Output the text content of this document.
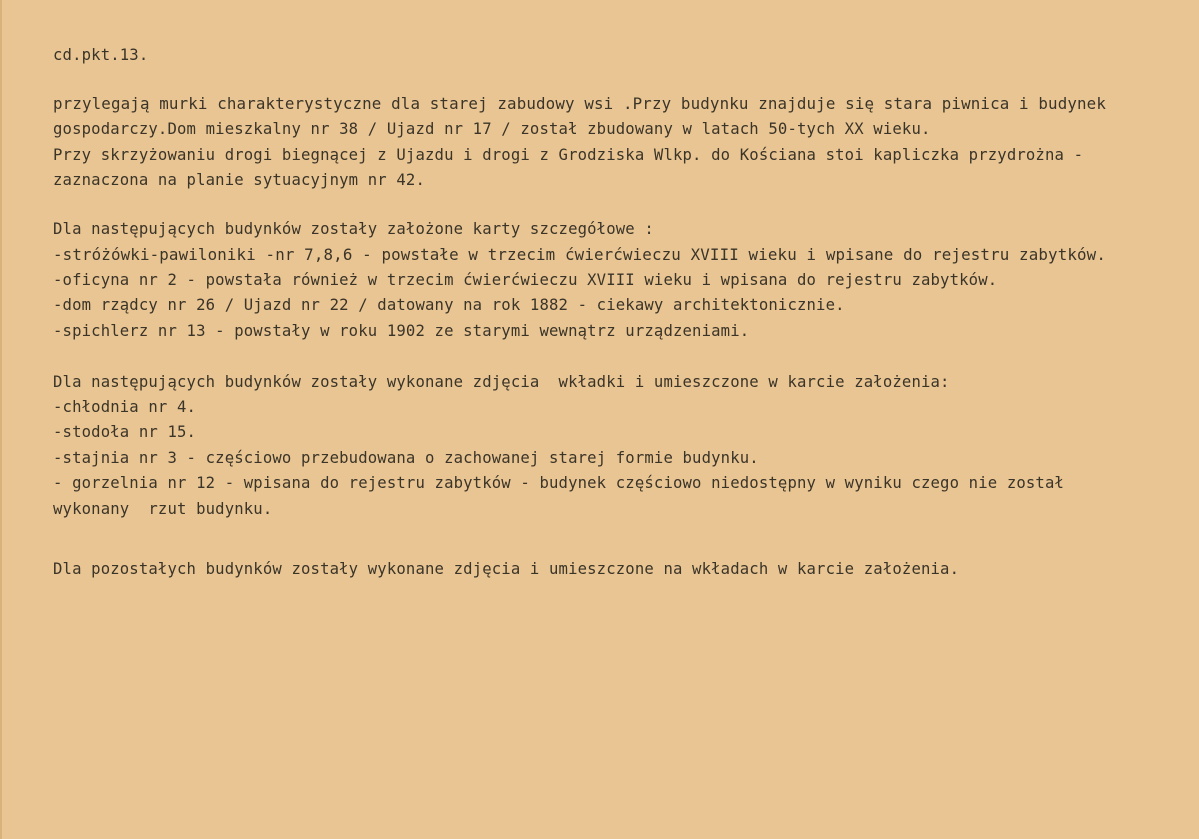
cd.pkt.13.
przylegają murki charakterystyczne dla starej zabudowy wsi .Przy budynku znajduje się stara piwnica i budynek
gospodarczy.Dom mieszkalny nr 38 / Ujazd nr 17 / został zbudowany w latach 50-tych XX wieku.
Przy skrzyżowaniu drogi biegnącej z Ujazdu i drogi z Grodziska Wlkp. do Kościana stoi kapliczka przydrożna -
zaznaczona na planie sytuacyjnym nr 42.
Dla następujących budynków zostały założone karty szczegółowe :
-stróżówki-pawiloniki -nr 7,8,6 - powstałe w trzecim ćwierćwieczu XVIII wieku i wpisane do rejestru zabytków.
-oficyna nr 2 - powstała również w trzecim ćwierćwieczu XVIII wieku i wpisana do rejestru zabytków.
-dom rządcy nr 26 / Ujazd nr 22 / datowany na rok 1882 - ciekawy architektonicznie.
-spichlerz nr 13 - powstały w roku 1902 ze starymi wewnątrz urządzeniami.
Dla następujących budynków zostały wykonane zdjęcia  wkładki i umieszczone w karcie założenia:
-chłodnia nr 4.
-stodoła nr 15.
-stajnia nr 3 - częściowo przebudowana o zachowanej starej formie budynku.
- gorzelnia nr 12 - wpisana do rejestru zabytków - budynek częściowo niedostępny w wyniku czego nie został
wykonany  rzut budynku.
Dla pozostałych budynków zostały wykonane zdjęcia i umieszczone na wkładach w karcie założenia.
